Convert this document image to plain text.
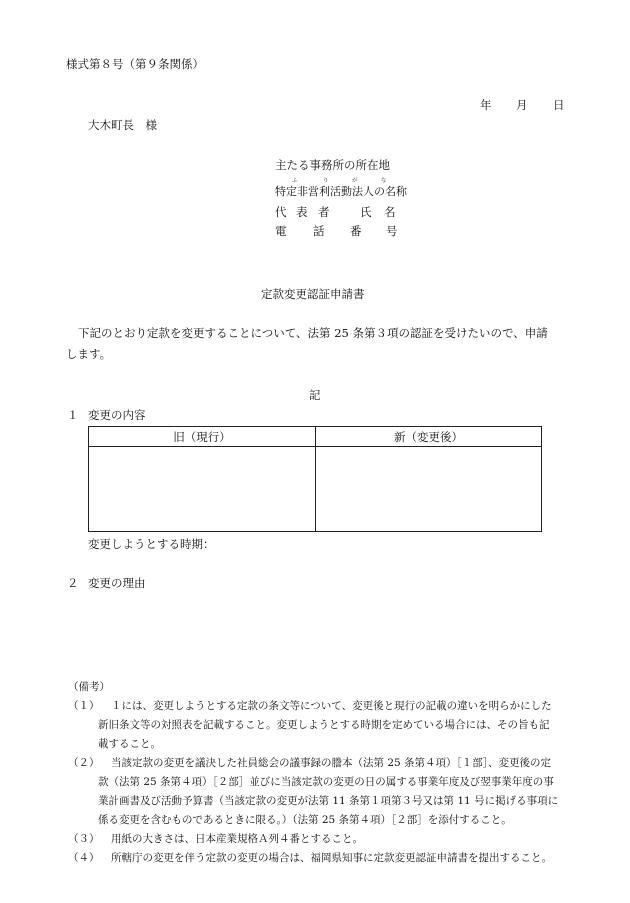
様式第８号（第９条関係）
年 月 日
大木町長　様
主たる事務所の所在地
ふ	り	が	な
特定非営利活動法人の名称
代 表 者	氏 名
電 話 番 号
定款変更認証申請書
下記のとおり定款を変更することについて、法第 25 条第３項の認証を受けたいので、申請
します。
記
１ 変更の内容
旧（現行）	新（変更後）

変更しようとする時期：
２ 変更の理由
（備考）
（１） １には、変更しようとする定款の条文等について、変更後と現行の記載の違いを明らかにした
新旧条文等の対照表を記載すること。変更しようとする時期を定めている場合には、その旨も記
載すること。
（２） 当該定款の変更を議決した社員総会の議事録の謄本（法第 25 条第４項）［１部］、変更後の定
款（法第 25 条第４項）［２部］並びに当該定款の変更の日の属する事業年度及び翌事業年度の事
業計画書及び活動予算書（当該定款の変更が法第 11 条第１項第３号又は第 11 号に掲げる事項に
係る変更を含むものであるときに限る。）（法第 25 条第４項）［２部］を添付すること。
（３） 用紙の大きさは、日本産業規格Ａ列４番とすること。
（４） 所轄庁の変更を伴う定款の変更の場合は、福岡県知事に定款変更認証申請書を提出すること。
